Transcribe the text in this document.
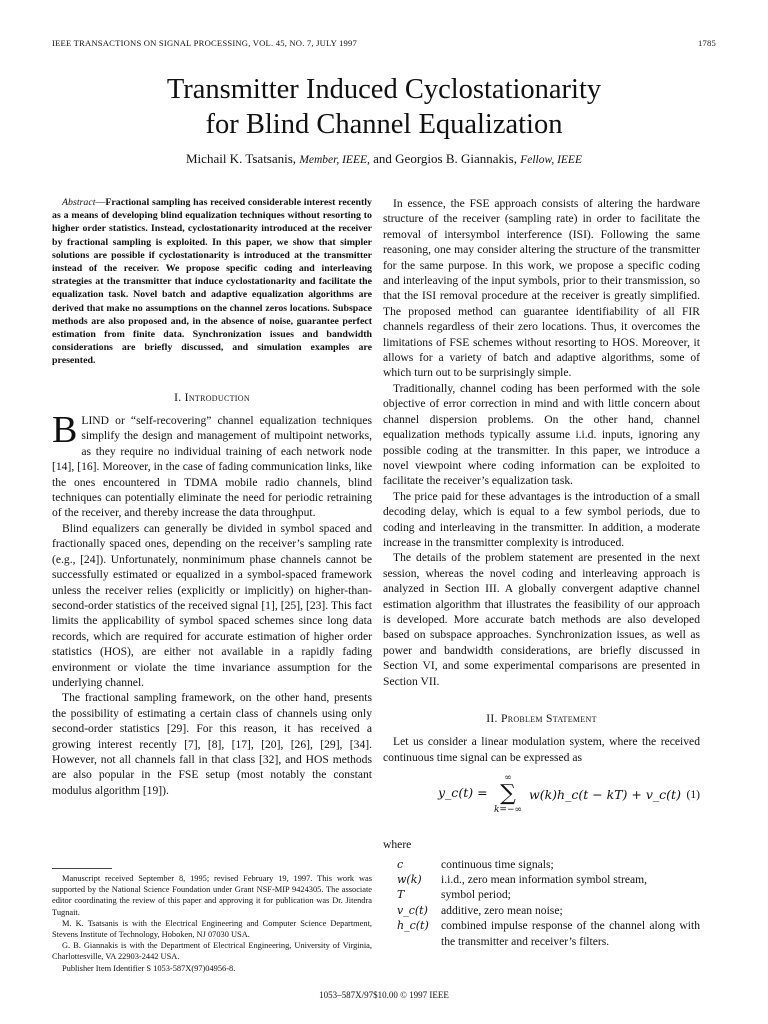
IEEE TRANSACTIONS ON SIGNAL PROCESSING, VOL. 45, NO. 7, JULY 1997	1785
Transmitter Induced Cyclostationarity
for Blind Channel Equalization
Michail K. Tsatsanis, Member, IEEE, and Georgios B. Giannakis, Fellow, IEEE

Abstract—Fractional sampling has received considerable interest recently as a means of developing blind equalization techniques without resorting to higher order statistics. Instead, cyclostationarity introduced at the receiver by fractional sampling is exploited. In this paper, we show that simpler solutions are possible if cyclostationarity is introduced at the transmitter instead of the receiver. We propose specific coding and interleaving strategies at the transmitter that induce cyclostationarity and facilitate the equalization task. Novel batch and adaptive equalization algorithms are derived that make no assumptions on the channel zeros locations. Subspace methods are also proposed and, in the absence of noise, guarantee perfect estimation from finite data. Synchronization issues and bandwidth considerations are briefly discussed, and simulation examples are presented.

I. Introduction

BLIND or “self-recovering” channel equalization techniques simplify the design and management of multipoint networks, as they require no individual training of each network node [14], [16]. Moreover, in the case of fading communication links, like the ones encountered in TDMA mobile radio channels, blind techniques can potentially eliminate the need for periodic retraining of the receiver, and thereby increase the data throughput.

Blind equalizers can generally be divided in symbol spaced and fractionally spaced ones, depending on the receiver’s sampling rate (e.g., [24]). Unfortunately, nonminimum phase channels cannot be successfully estimated or equalized in a symbol-spaced framework unless the receiver relies (explicitly or implicitly) on higher-than-second-order statistics of the received signal [1], [25], [23]. This fact limits the applicability of symbol spaced schemes since long data records, which are required for accurate estimation of higher order statistics (HOS), are either not available in a rapidly fading environment or violate the time invariance assumption for the underlying channel.

The fractional sampling framework, on the other hand, presents the possibility of estimating a certain class of channels using only second-order statistics [29]. For this reason, it has received a growing interest recently [7], [8], [17], [20], [26], [29], [34]. However, not all channels fall in that class [32], and HOS methods are also popular in the FSE setup (most notably the constant modulus algorithm [19]).

Manuscript received September 8, 1995; revised February 19, 1997. This work was supported by the National Science Foundation under Grant NSF-MIP 9424305. The associate editor coordinating the review of this paper and approving it for publication was Dr. Jitendra Tugnait.

M. K. Tsatsanis is with the Electrical Engineering and Computer Science Department, Stevens Institute of Technology, Hoboken, NJ 07030 USA.

G. B. Giannakis is with the Department of Electrical Engineering, University of Virginia, Charlottesville, VA 22903-2442 USA.

Publisher Item Identifier S 1053-587X(97)04956-8.

In essence, the FSE approach consists of altering the hardware structure of the receiver (sampling rate) in order to facilitate the removal of intersymbol interference (ISI). Following the same reasoning, one may consider altering the structure of the transmitter for the same purpose. In this work, we propose a specific coding and interleaving of the input symbols, prior to their transmission, so that the ISI removal procedure at the receiver is greatly simplified. The proposed method can guarantee identifiability of all FIR channels regardless of their zero locations. Thus, it overcomes the limitations of FSE schemes without resorting to HOS. Moreover, it allows for a variety of batch and adaptive algorithms, some of which turn out to be surprisingly simple.

Traditionally, channel coding has been performed with the sole objective of error correction in mind and with little concern about channel dispersion problems. On the other hand, channel equalization methods typically assume i.i.d. inputs, ignoring any possible coding at the transmitter. In this paper, we introduce a novel viewpoint where coding information can be exploited to facilitate the receiver’s equalization task.

The price paid for these advantages is the introduction of a small decoding delay, which is equal to a few symbol periods, due to coding and interleaving in the transmitter. In addition, a moderate increase in the transmitter complexity is introduced.

The details of the problem statement are presented in the next session, whereas the novel coding and interleaving approach is analyzed in Section III. A globally convergent adaptive channel estimation algorithm that illustrates the feasibility of our approach is developed. More accurate batch methods are also developed based on subspace approaches. Synchronization issues, as well as power and bandwidth considerations, are briefly discussed in Section VI, and some experimental comparisons are presented in Section VII.

II. Problem Statement

Let us consider a linear modulation system, where the received continuous time signal can be expressed as

y_c(t) =
∞
∑
k=−∞
w(k)h_c(t − kT) + v_c(t) (1)

where

c	continuous time signals;
w(k)	i.i.d., zero mean information symbol stream,
T	symbol period;
v_c(t)	additive, zero mean noise;
h_c(t)	combined impulse response of the channel along with the transmitter and receiver’s filters.
1053–587X/97$10.00 © 1997 IEEE
